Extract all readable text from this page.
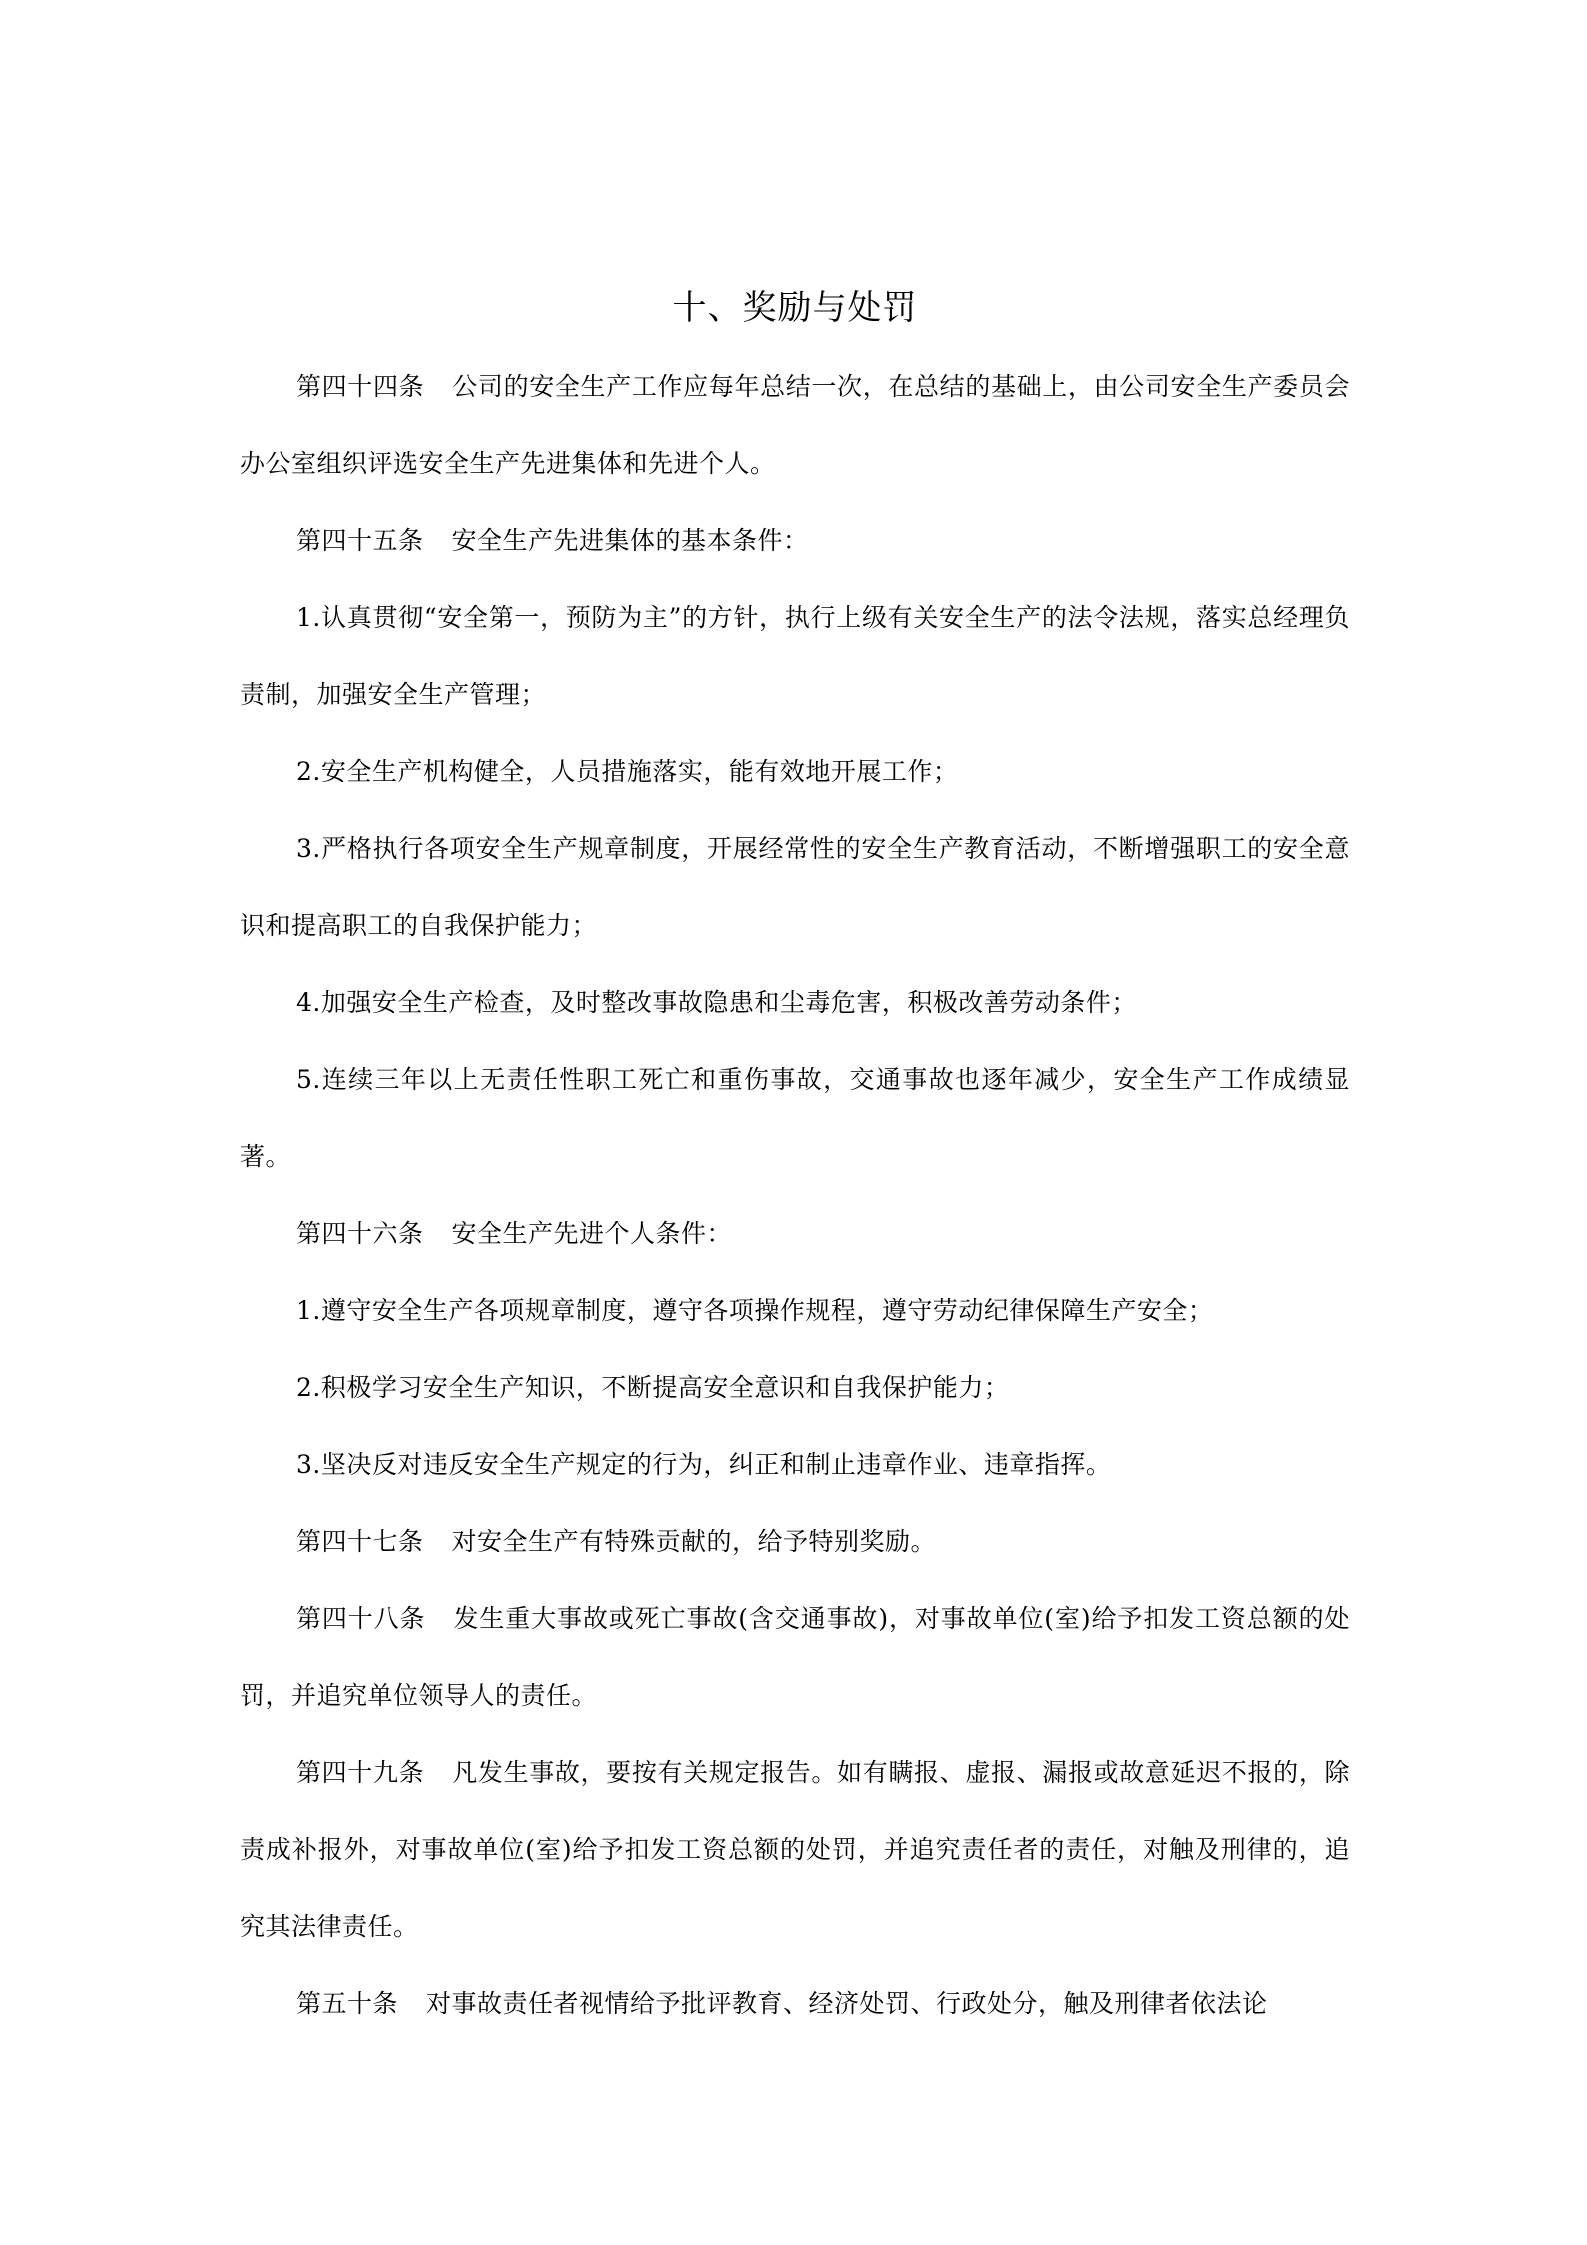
十、奖励与处罚

第四十四条 公司的安全生产工作应每年总结一次，在总结的基础上，由公司安全生产委员会办公室组织评选安全生产先进集体和先进个人。

第四十五条 安全生产先进集体的基本条件：

1.认真贯彻“安全第一，预防为主”的方针，执行上级有关安全生产的法令法规，落实总经理负责制，加强安全生产管理；

2.安全生产机构健全，人员措施落实，能有效地开展工作；

3.严格执行各项安全生产规章制度，开展经常性的安全生产教育活动，不断增强职工的安全意识和提高职工的自我保护能力；

4.加强安全生产检查，及时整改事故隐患和尘毒危害，积极改善劳动条件；

5.连续三年以上无责任性职工死亡和重伤事故，交通事故也逐年减少，安全生产工作成绩显著。

第四十六条 安全生产先进个人条件：

1.遵守安全生产各项规章制度，遵守各项操作规程，遵守劳动纪律保障生产安全；

2.积极学习安全生产知识，不断提高安全意识和自我保护能力；

3.坚决反对违反安全生产规定的行为，纠正和制止违章作业、违章指挥。

第四十七条 对安全生产有特殊贡献的，给予特别奖励。

第四十八条 发生重大事故或死亡事故(含交通事故)，对事故单位(室)给予扣发工资总额的处罚，并追究单位领导人的责任。

第四十九条 凡发生事故，要按有关规定报告。如有瞒报、虚报、漏报或故意延迟不报的，除责成补报外，对事故单位(室)给予扣发工资总额的处罚，并追究责任者的责任，对触及刑律的，追究其法律责任。

第五十条 对事故责任者视情给予批评教育、经济处罚、行政处分，触及刑律者依法论
